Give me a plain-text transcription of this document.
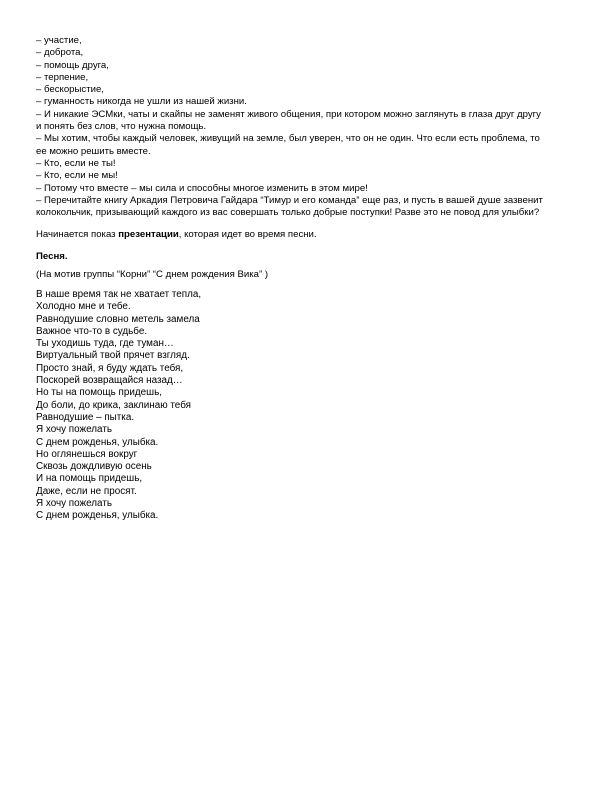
– участие,
– доброта,
– помощь друга,
– терпение,
– бескорыстие,
– гуманность никогда не ушли из нашей жизни.
– И никакие ЭСМки, чаты и скайпы не заменят живого общения, при котором можно заглянуть в глаза друг другу
и понять без слов, что нужна помощь.
– Мы хотим, чтобы каждый человек, живущий на земле, был уверен, что он не один. Что если есть проблема, то
ее можно решить вместе.
– Кто, если не ты!
– Кто, если не мы!
– Потому что вместе – мы сила и способны многое изменить в этом мире!
– Перечитайте книгу Аркадия Петровича Гайдара “Тимур и его команда” еще раз, и пусть в вашей душе зазвенит
колокольчик, призывающий каждого из вас совершать только добрые поступки! Разве это не повод для улыбки?
Начинается показ презентации, которая идет во время песни.
Песня.
(На мотив группы “Корни” “С днем рождения Вика” )
В наше время так не хватает тепла,
Холодно мне и тебе.
Равнодушие словно метель замела
Важное что-то в судьбе.
Ты уходишь туда, где туман…
Виртуальный твой прячет взгляд.
Просто знай, я буду ждать тебя,
Поскорей возвращайся назад…
Но ты на помощь придешь,
До боли, до крика, заклинаю тебя
Равнодушие – пытка.
Я хочу пожелать
С днем рожденья, улыбка.
Но оглянешься вокруг
Сквозь дождливую осень
И на помощь придешь,
Даже, если не просят.
Я хочу пожелать
С днем рожденья, улыбка.
